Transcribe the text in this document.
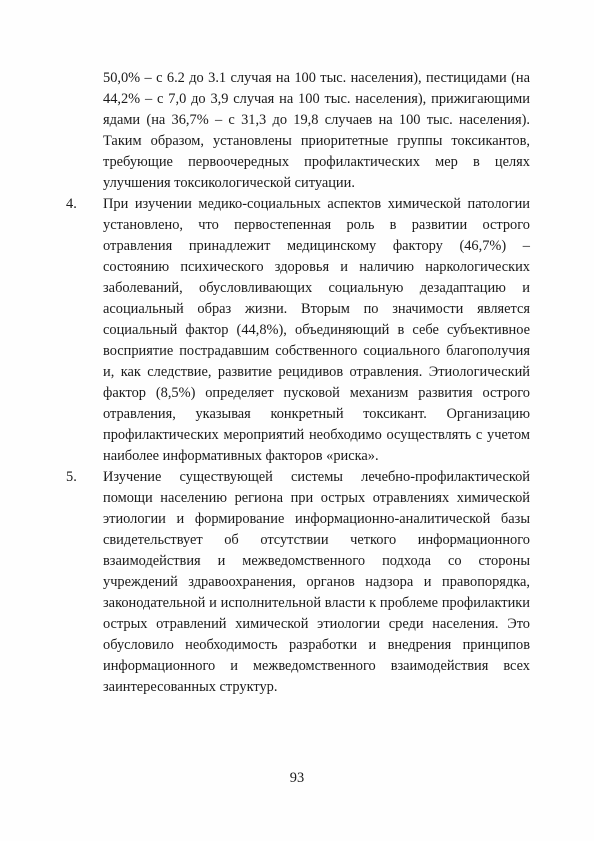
50,0% – с 6.2 до 3.1 случая на 100 тыс. населения), пестицидами (на 44,2% – с 7,0 до 3,9 случая на 100 тыс. населения), прижигающими ядами (на 36,7% – с 31,3 до 19,8 случаев на 100 тыс. населения). Таким образом, установлены приоритетные группы токсикантов, требующие первоочередных профилактических мер в целях улучшения токсикологической ситуации.

4.	При изучении медико-социальных аспектов химической патологии установлено, что первостепенная роль в развитии острого отравления принадлежит медицинскому фактору (46,7%) – состоянию психического здоровья и наличию наркологических заболеваний, обусловливающих социальную дезадаптацию и асоциальный образ жизни. Вторым по значимости является социальный фактор (44,8%), объединяющий в себе субъективное восприятие пострадавшим собственного социального благополучия и, как следствие, развитие рецидивов отравления. Этиологический фактор (8,5%) определяет пусковой механизм развития острого отравления, указывая конкретный токсикант. Организацию профилактических мероприятий необходимо осуществлять с учетом наиболее информативных факторов «риска».

5.	Изучение существующей системы лечебно-профилактической помощи населению региона при острых отравлениях химической этиологии и формирование информационно-аналитической базы свидетельствует об отсутствии четкого информационного взаимодействия и межведомственного подхода со стороны учреждений здравоохранения, органов надзора и правопорядка, законодательной и исполнительной власти к проблеме профилактики острых отравлений химической этиологии среди населения. Это обусловило необходимость разработки и внедрения принципов информационного и межведомственного взаимодействия всех заинтересованных структур.

93
